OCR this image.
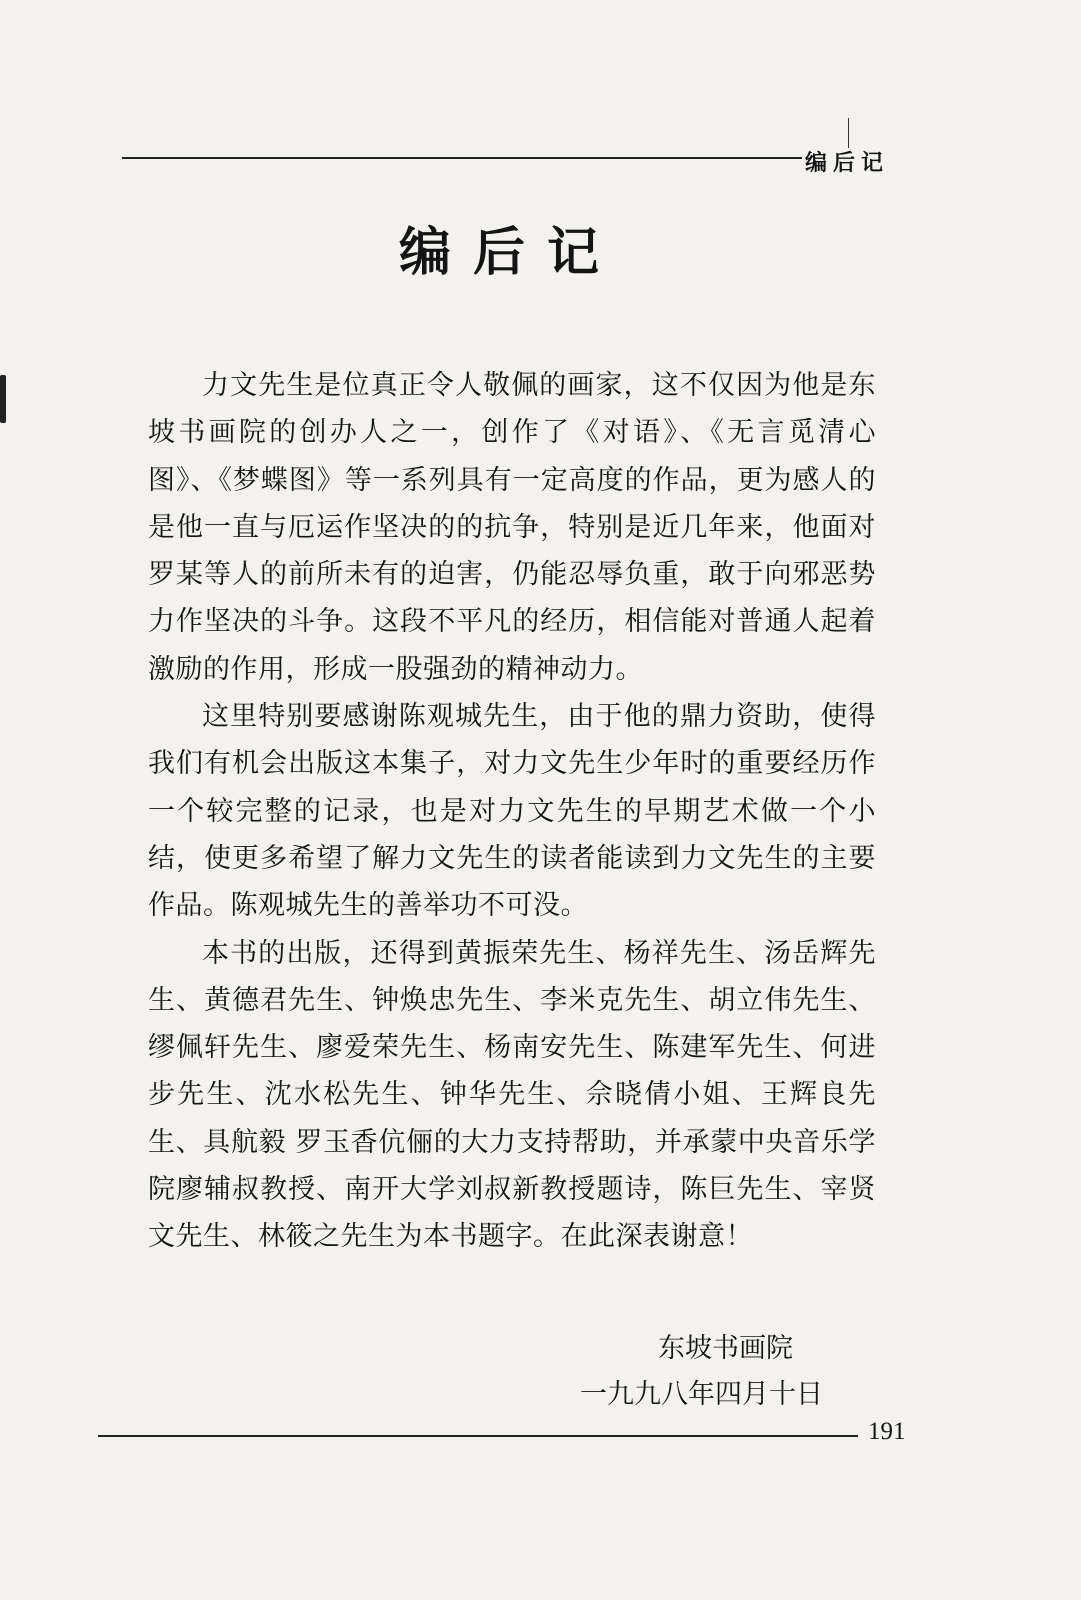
编后记
编后记

力文先生是位真正令人敬佩的画家，这不仅因为他是东坡书画院的创办人之一，创作了《对语》、《无言觅清心图》、《梦蝶图》等一系列具有一定高度的作品，更为感人的是他一直与厄运作坚决的的抗争，特别是近几年来，他面对罗某等人的前所未有的迫害，仍能忍辱负重，敢于向邪恶势力作坚决的斗争。这段不平凡的经历，相信能对普通人起着激励的作用，形成一股强劲的精神动力。

这里特别要感谢陈观城先生，由于他的鼎力资助，使得我们有机会出版这本集子，对力文先生少年时的重要经历作一个较完整的记录，也是对力文先生的早期艺术做一个小结，使更多希望了解力文先生的读者能读到力文先生的主要作品。陈观城先生的善举功不可没。

本书的出版，还得到黄振荣先生、杨祥先生、汤岳辉先生、黄德君先生、钟焕忠先生、李米克先生、胡立伟先生、缪佩轩先生、廖爱荣先生、杨南安先生、陈建军先生、何进步先生、沈水松先生、钟华先生、佘晓倩小姐、王辉良先生、具航毅 罗玉香伉俪的大力支持帮助，并承蒙中央音乐学院廖辅叔教授、南开大学刘叔新教授题诗，陈巨先生、宰贤文先生、林筱之先生为本书题字。在此深表谢意！

东坡书画院
一九九八年四月十日
191
